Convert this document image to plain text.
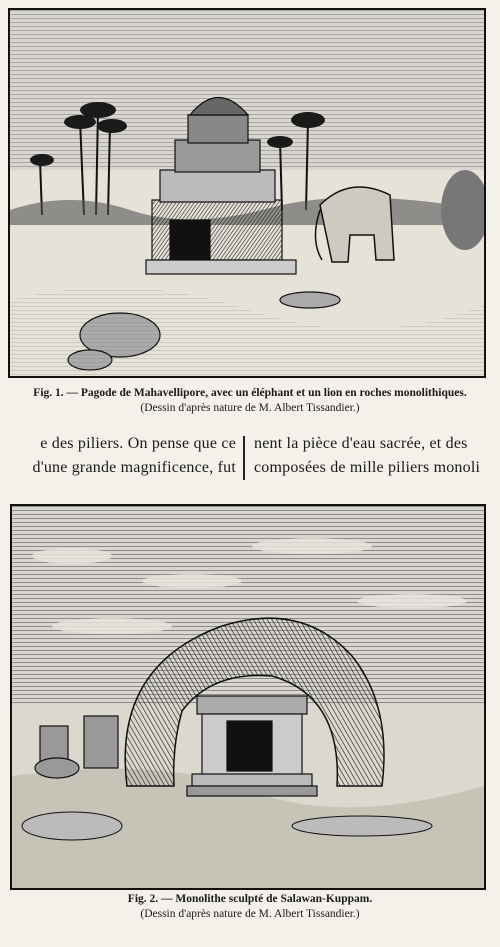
Fig. 1. — Pagode de Mahavellipore, avec un éléphant et un lion en roches monolithiques.
(Dessin d'après nature de M. Albert Tissandier.)
e des piliers. On pense que ce
d'une grande magnificence, fut
nent la pièce d'eau sacrée, et des
composées de mille piliers monoli
Fig. 2. — Monolithe sculpté de Salawan-Kuppam.
(Dessin d'après nature de M. Albert Tissandier.)
